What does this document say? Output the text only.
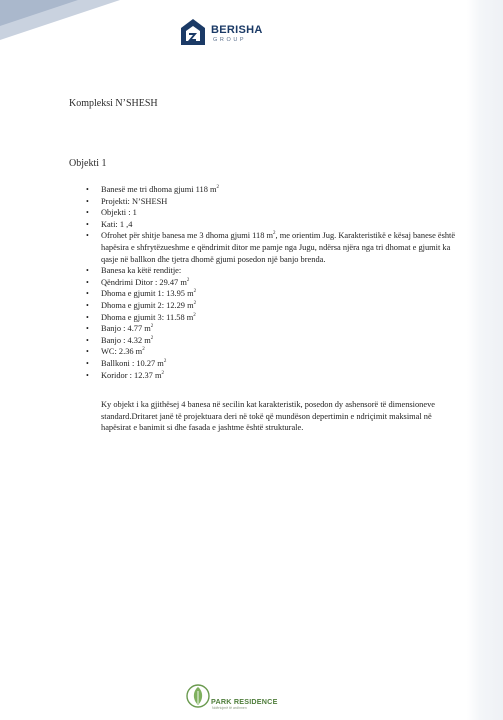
BERISHA
GROUP
Kompleksi N’SHESH
Objekti 1
• Banesë me tri dhoma gjumi 118 $m^2$
• Projekti: N’SHESH
• Objekti : 1
• Kati: 1 ,4
• Ofrohet për shitje banesa me 3 dhoma gjumi 118 $m^2$, me orientim Jug. Karakteristikë e kësaj banese është hapësira e shfrytëzueshme e qëndrimit ditor me pamje nga Jugu, ndërsa njëra nga tri dhomat e gjumit ka qasje në ballkon dhe tjetra dhomë gjumi posedon një banjo brenda.
• Banesa ka këtë renditje:
• Qëndrimi Ditor : 29.47 $m^2$
• Dhoma e gjumit 1: 13.95 $m^2$
• Dhoma e gjumit 2: 12.29 $m^2$
• Dhoma e gjumit 3: 11.58 $m^2$
• Banjo : 4.77 $m^2$
• Banjo : 4.32 $m^2$
• WC: 2.36 $m^2$
• Ballkoni : 10.27 $m^2$
• Koridor : 12.37 $m^2$

Ky objekt i ka gjithësej 4 banesa në secilin kat karakteristik, posedon dy ashensorë të dimensioneve standard.Dritaret janë të projektuara deri në tokë që mundëson depertimin e ndriçimit maksimal në hapësirat e banimit si dhe fasada e jashtme është strukturale.

PARK RESIDENCE
Ndërtojmë të ardhmen
